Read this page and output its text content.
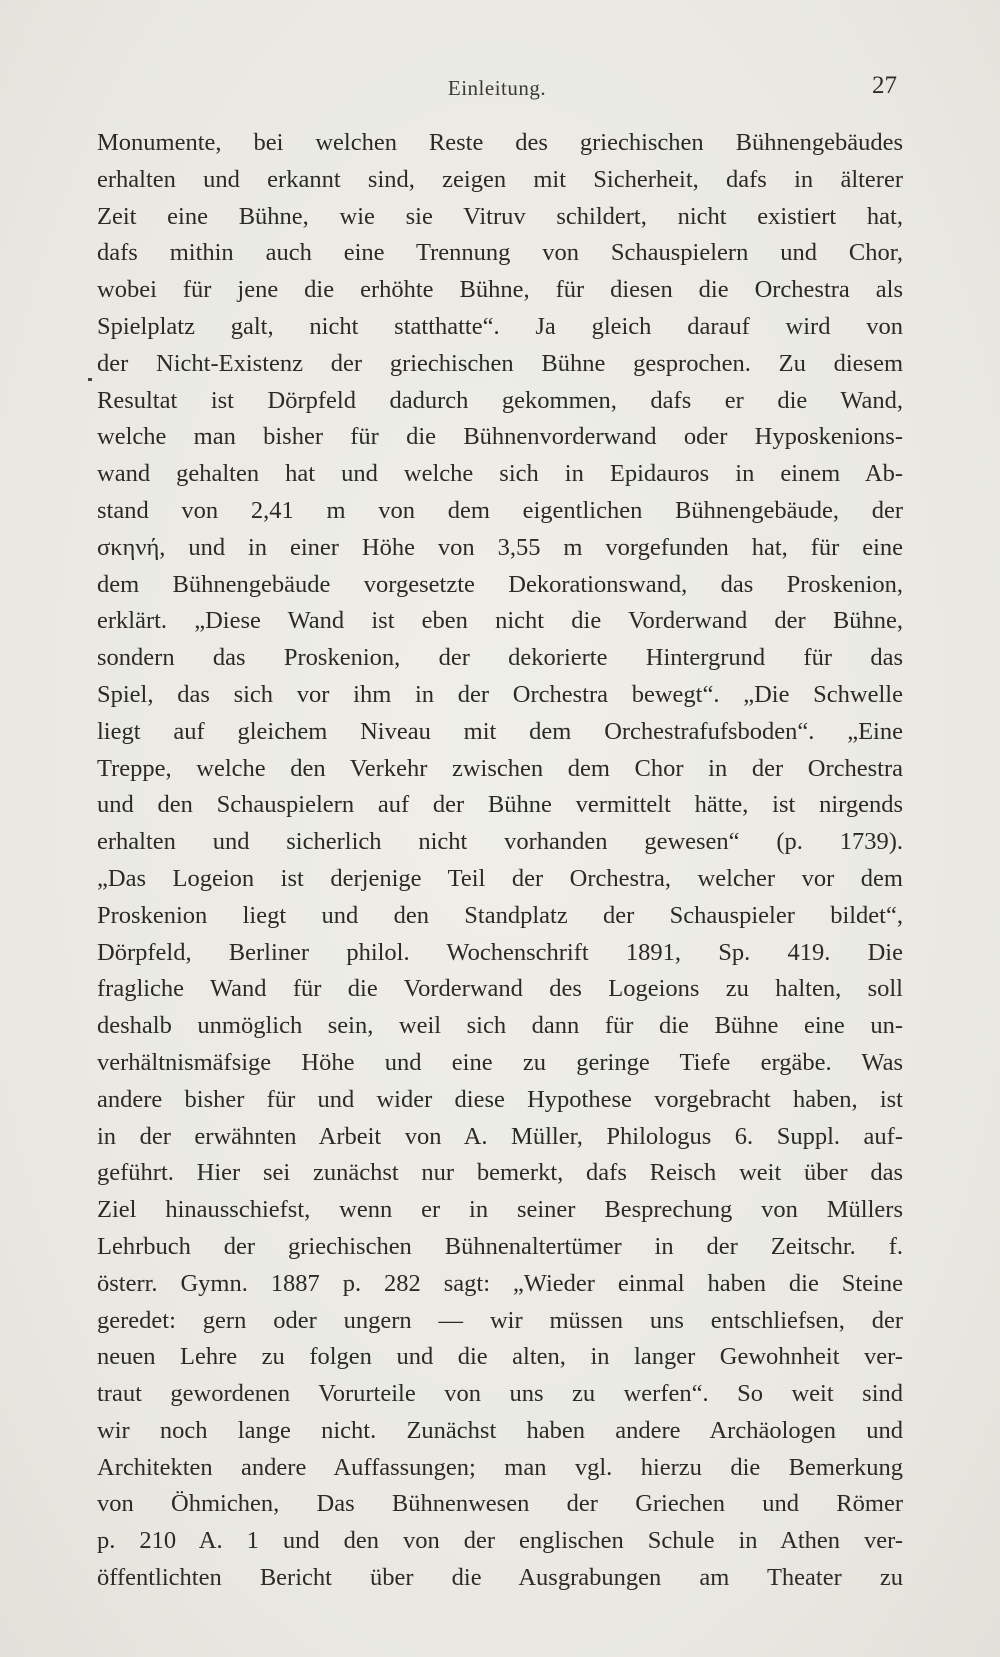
Einleitung.	27
Monumente, bei welchen Reste des griechischen Bühnengebäudes
erhalten und erkannt sind, zeigen mit Sicherheit, dafs in älterer
Zeit eine Bühne, wie sie Vitruv schildert, nicht existiert hat,
dafs mithin auch eine Trennung von Schauspielern und Chor,
wobei für jene die erhöhte Bühne, für diesen die Orchestra als
Spielplatz galt, nicht statthatte“. Ja gleich darauf wird von
der Nicht-Existenz der griechischen Bühne gesprochen. Zu diesem
Resultat ist Dörpfeld dadurch gekommen, dafs er die Wand,
welche man bisher für die Bühnenvorderwand oder Hyposkenions-
wand gehalten hat und welche sich in Epidauros in einem Ab-
stand von 2,41 m von dem eigentlichen Bühnengebäude, der
σκηνή, und in einer Höhe von 3,55 m vorgefunden hat, für eine
dem Bühnengebäude vorgesetzte Dekorationswand, das Proskenion,
erklärt. „Diese Wand ist eben nicht die Vorderwand der Bühne,
sondern das Proskenion, der dekorierte Hintergrund für das
Spiel, das sich vor ihm in der Orchestra bewegt“. „Die Schwelle
liegt auf gleichem Niveau mit dem Orchestrafufsboden“. „Eine
Treppe, welche den Verkehr zwischen dem Chor in der Orchestra
und den Schauspielern auf der Bühne vermittelt hätte, ist nirgends
erhalten und sicherlich nicht vorhanden gewesen“ (p. 1739).
„Das Logeion ist derjenige Teil der Orchestra, welcher vor dem
Proskenion liegt und den Standplatz der Schauspieler bildet“,
Dörpfeld, Berliner philol. Wochenschrift 1891, Sp. 419. Die
fragliche Wand für die Vorderwand des Logeions zu halten, soll
deshalb unmöglich sein, weil sich dann für die Bühne eine un-
verhältnismäfsige Höhe und eine zu geringe Tiefe ergäbe. Was
andere bisher für und wider diese Hypothese vorgebracht haben, ist
in der erwähnten Arbeit von A. Müller, Philologus 6. Suppl. auf-
geführt. Hier sei zunächst nur bemerkt, dafs Reisch weit über das
Ziel hinausschiefst, wenn er in seiner Besprechung von Müllers
Lehrbuch der griechischen Bühnenaltertümer in der Zeitschr. f.
österr. Gymn. 1887 p. 282 sagt: „Wieder einmal haben die Steine
geredet: gern oder ungern — wir müssen uns entschliefsen, der
neuen Lehre zu folgen und die alten, in langer Gewohnheit ver-
traut gewordenen Vorurteile von uns zu werfen“. So weit sind
wir noch lange nicht. Zunächst haben andere Archäologen und
Architekten andere Auffassungen; man vgl. hierzu die Bemerkung
von Öhmichen, Das Bühnenwesen der Griechen und Römer
p. 210 A. 1 und den von der englischen Schule in Athen ver-
öffentlichten Bericht über die Ausgrabungen am Theater zu
